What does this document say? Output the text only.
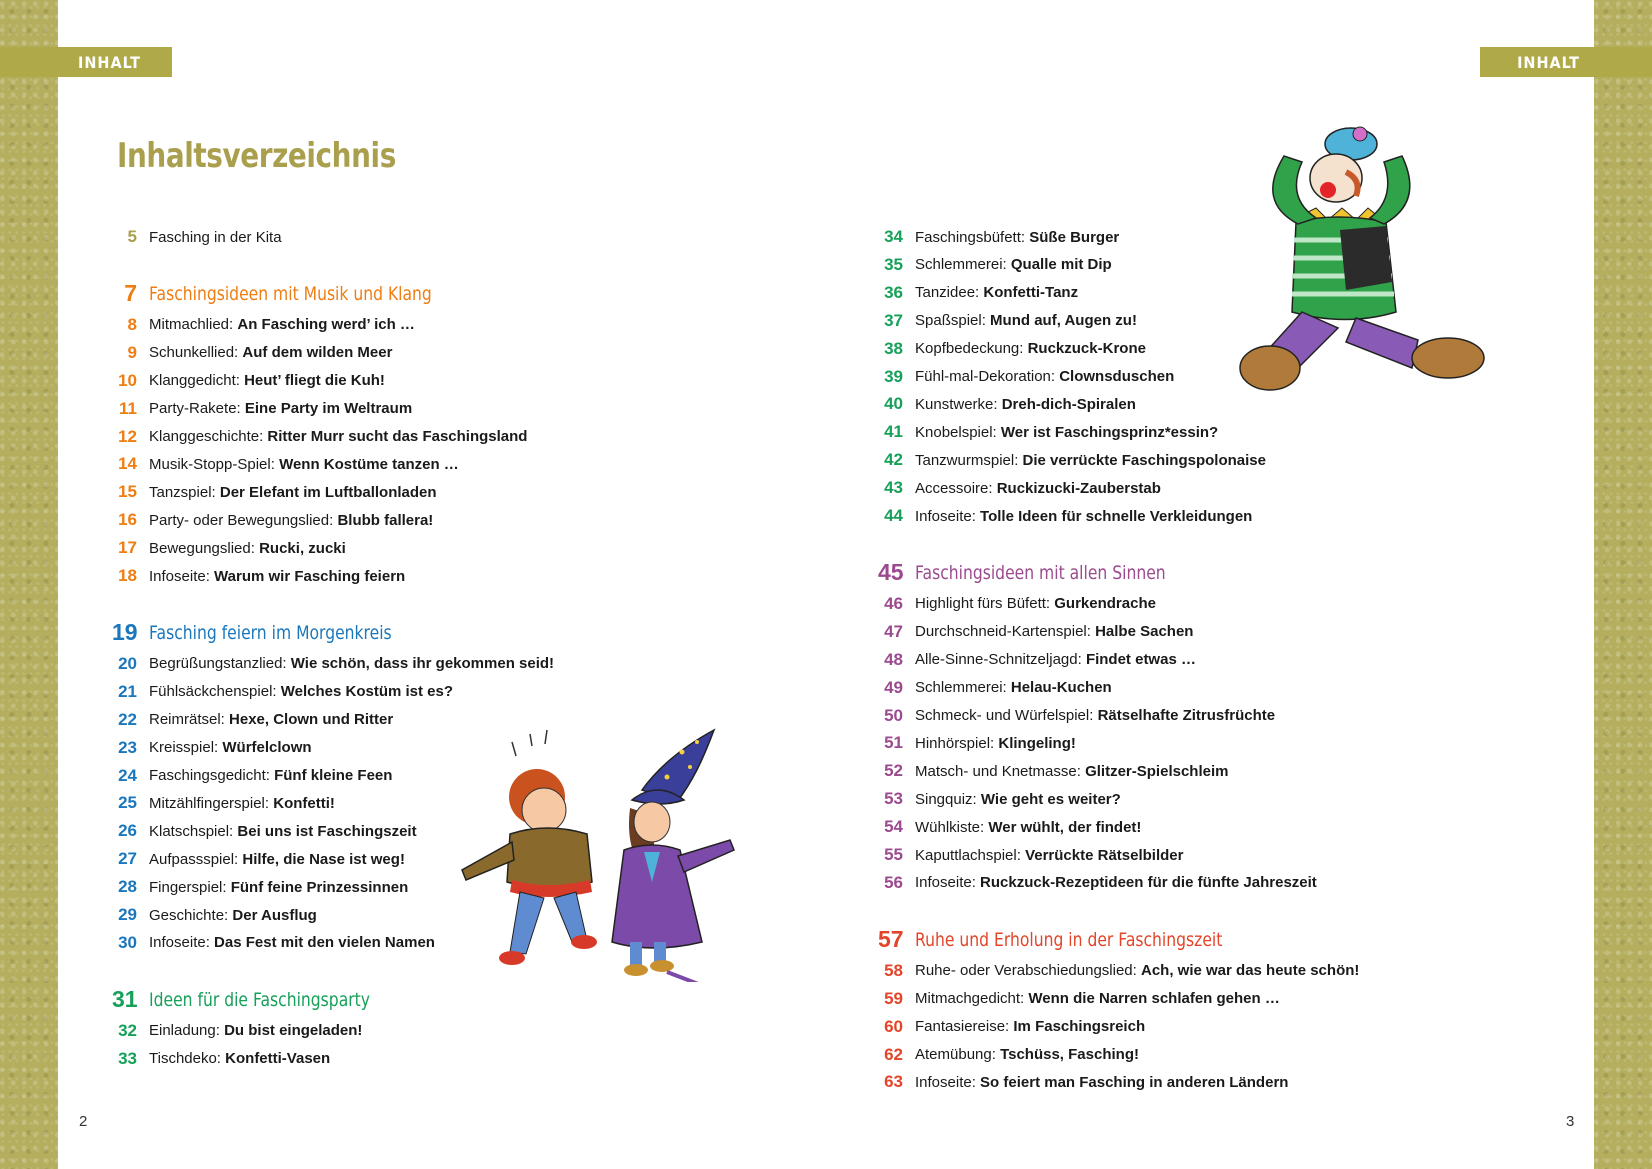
INHALT	INHALT
Inhaltsverzeichnis
5 Fasching in der Kita
7 Faschingsideen mit Musik und Klang
8 Mitmachlied:
An Fasching werd’ ich …
9 Schunkellied:
Auf dem wilden Meer
10 Klanggedicht:
Heut’ fliegt die Kuh!
11 Party-Rakete:
Eine Party im Weltraum
12 Klanggeschichte:
Ritter Murr sucht das Faschingsland
14 Musik-Stopp-Spiel:
Wenn Kostüme tanzen …
15 Tanzspiel:
Der Elefant im Luftballonladen
16 Party- oder Bewegungslied:
Blubb fallera!
17 Bewegungslied:
Rucki, zucki
18 Infoseite:
Warum wir Fasching feiern
19 Fasching feiern im Morgenkreis
20 Begrüßungstanzlied:
Wie schön, dass ihr gekommen seid!
21 Fühlsäckchenspiel:
Welches Kostüm ist es?
22 Reimrätsel:
Hexe, Clown und Ritter
23 Kreisspiel:
Würfelclown
24 Faschingsgedicht:
Fünf kleine Feen
25 Mitzählfingerspiel:
Konfetti!
26 Klatschspiel:
Bei uns ist Faschingszeit
27 Aufpassspiel:
Hilfe, die Nase ist weg!
28 Fingerspiel:
Fünf feine Prinzessinnen
29 Geschichte:
Der Ausflug
30 Infoseite:
Das Fest mit den vielen Namen
31 Ideen für die Faschingsparty
32 Einladung:
Du bist eingeladen!
33 Tischdeko:
Konfetti-Vasen
34 Faschingsbüfett:
Süße Burger
35 Schlemmerei:
Qualle mit Dip
36 Tanzidee:
Konfetti-Tanz
37 Spaßspiel:
Mund auf, Augen zu!
38 Kopfbedeckung:
Ruckzuck-Krone
39 Fühl-mal-Dekoration:
Clownsduschen
40 Kunstwerke:
Dreh-dich-Spiralen
41 Knobelspiel:
Wer ist Faschingsprinz*essin?
42 Tanzwurmspiel:
Die verrückte Faschingspolonaise
43 Accessoire:
Ruckizucki-Zauberstab
44 Infoseite:
Tolle Ideen für schnelle Verkleidungen
45 Faschingsideen mit allen Sinnen
46 Highlight fürs Büfett:
Gurkendrache
47 Durchschneid-Kartenspiel:
Halbe Sachen
48 Alle-Sinne-Schnitzeljagd:
Findet etwas …
49 Schlemmerei:
Helau-Kuchen
50 Schmeck- und Würfelspiel:
Rätselhafte Zitrusfrüchte
51 Hinhörspiel:
Klingeling!
52 Matsch- und Knetmasse:
Glitzer-Spielschleim
53 Singquiz:
Wie geht es weiter?
54 Wühlkiste:
Wer wühlt, der findet!
55 Kaputtlachspiel:
Verrückte Rätselbilder
56 Infoseite:
Ruckzuck-Rezeptideen für die fünfte Jahreszeit
57 Ruhe und Erholung in der Faschingszeit
58 Ruhe- oder Verabschiedungslied:
Ach, wie war das heute schön!
59 Mitmachgedicht:
Wenn die Narren schlafen gehen …
60 Fantasiereise:
Im Faschingsreich
62 Atemübung:
Tschüss, Fasching!
63 Infoseite:
So feiert man Fasching in anderen Ländern
2	3
